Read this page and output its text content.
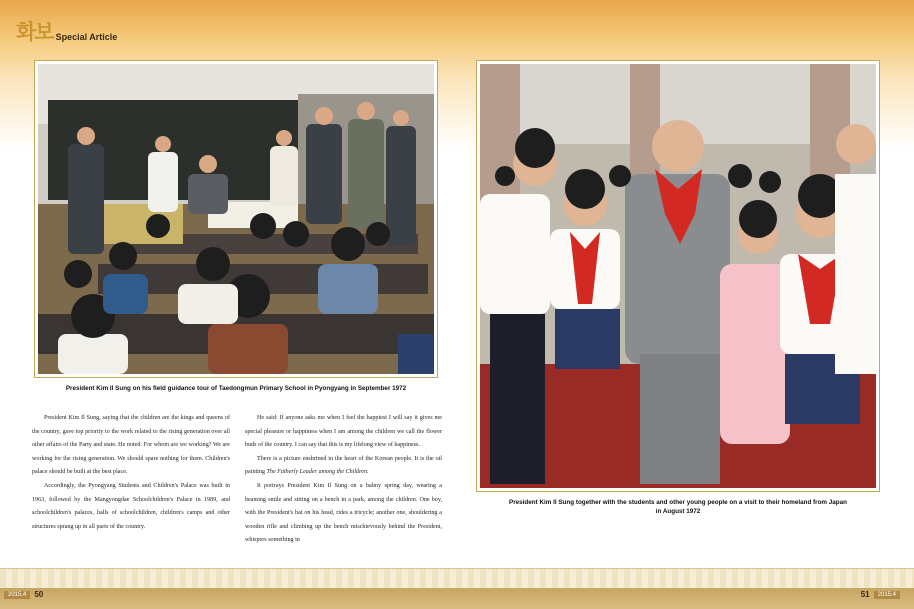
화보 Special Article
President Kim Il Sung on his field guidance tour of Taedongmun Primary School in Pyongyang in September 1972
President Kim Il Sung together with the students and other young people on a visit to their homeland from Japan
in August 1972

President Kim Il Sung, saying that the children are the kings and queens of the country, gave top priority to the work related to the rising generation over all other affairs of the Party and state. He noted: For whom are we working? We are working for the rising generation. We should spare nothing for them. Children's palace should be built at the best place.

Accordingly, the Pyongyang Students and Children's Palace was built in 1963, followed by the Mangyongdae Schoolchildren's Palace in 1989, and schoolchildren's palaces, halls of schoolchildren, children's camps and other structures sprang up in all parts of the country.

He said: If anyone asks me when I feel the happiest I will say it gives me special pleasure or happiness when I am among the children we call the flower buds of the country. I can say that this is my lifelong view of happiness.

There is a picture enshrined in the heart of the Korean people. It is the oil painting The Fatherly Leader among the Children.

It portrays President Kim Il Sung on a balmy spring day, wearing a beaming smile and sitting on a bench in a park, among the children. One boy, with the President's hat on his head, rides a tricycle; another one, shouldering a wooden rifle and climbing up the bench mischievously behind the President, whispers something in

2015.4	50	51	2015.4
